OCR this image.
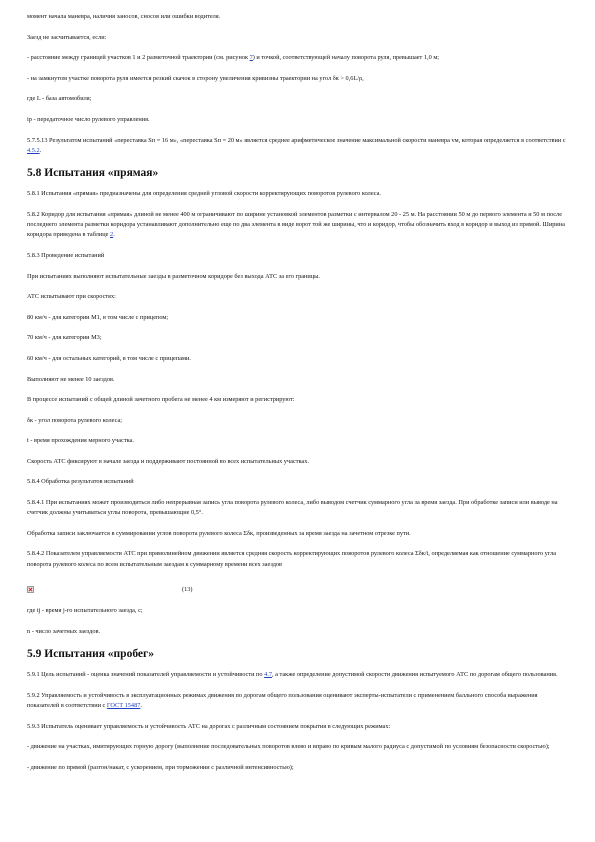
момент начала маневра, наличия заносов, сносов или ошибки водителя.

Заезд не засчитывается, если:

- расстояние между границей участков 1 и 2 разметочной траектории (см. рисунок 7) и точкой, соответствующей началу поворота руля, превышает 1,0 м;

- на замкнутом участке поворота руля имеется резкий скачок в сторону увеличения кривизны траектории на угол δк > 0,6L/ρ,

где L - база автомобиля;

ip - передаточное число рулевого управления.

5.7.5.13 Результатом испытаний «переставка Sп = 16 м», «переставка Sп = 20 м» является среднее арифметическое значение максимальной скорости маневра vм, которая определяется в соответствии с 4.5.2.

5.8 Испытания «прямая»

5.8.1 Испытания «прямая» предназначены для определения средней угловой скорости корректирующих поворотов рулевого колеса.

5.8.2 Коридор для испытания «прямая» длиной не менее 400 м ограничивают по ширине установкой элементов разметки с интервалом 20 - 25 м. На расстоянии 50 м до первого элемента и 50 м после последнего элемента разметки коридора устанавливают дополнительно еще по два элемента в виде ворот той же ширины, что и коридор, чтобы обозначить вход в коридор и выход из прямой. Ширина коридора приведена в таблице 2.

5.8.3 Проведение испытаний

При испытаниях выполняют испытательные заезды в разметочном коридоре без выхода АТС за его границы.

АТС испытывают при скоростях:

80 км/ч - для категории M1, в том числе с прицепом;

70 км/ч - для категории M3;

60 км/ч - для остальных категорий, в том числе с прицепами.

Выполняют не менее 10 заездов.

В процессе испытаний с общей длиной зачетного пробега не менее 4 км измеряют и регистрируют:

δк - угол поворота рулевого колеса;

t - время прохождения мерного участка.

Скорость АТС фиксируют в начале заезда и поддерживают постоянной во всех испытательных участках.

5.8.4 Обработка результатов испытаний

5.8.4.1 При испытаниях может производиться либо непрерывная запись угла поворота рулевого колеса, либо выводом счетчик суммарного угла за время заезда. При обработке записи или выводе на счетчик должны учитываться углы поворота, превышающие 0,5°.

Обработка записи заключается в суммировании углов поворота рулевого колеса Σδк, произведенных за время заезда на зачетном отрезке пути.

5.8.4.2 Показателем управляемости АТС при прямолинейном движении является средняя скорость корректирующих поворотов рулевого колеса Σδк/t, определяемая как отношение суммарного угла поворота рулевого колеса по всем испытательным заездам к суммарному времени всех заездов

(13)

где tj - время j-го испытательного заезда, с;

n - число зачетных заездов.

5.9 Испытания «пробег»

5.9.1 Цель испытаний - оценка значений показателей управляемости и устойчивости по 4.7, а также определение допустимой скорости движения испытуемого АТС по дорогам общего пользования.

5.9.2 Управляемость и устойчивость в эксплуатационных режимах движения по дорогам общего пользования оценивают эксперты-испытатели с применением балльного способа выражения показателей в соответствии с ГОСТ 15487.

5.9.3 Испытатель оценивает управляемость и устойчивость АТС на дорогах с различным состоянием покрытия в следующих режимах:

- движение на участках, имитирующих горную дорогу (выполнение последовательных поворотов влево и вправо по кривым малого радиуса с допустимой по условиям безопасности скоростью);

- движение по прямой (разгон/накат, с ускорением, при торможении с различной интенсивностью);
